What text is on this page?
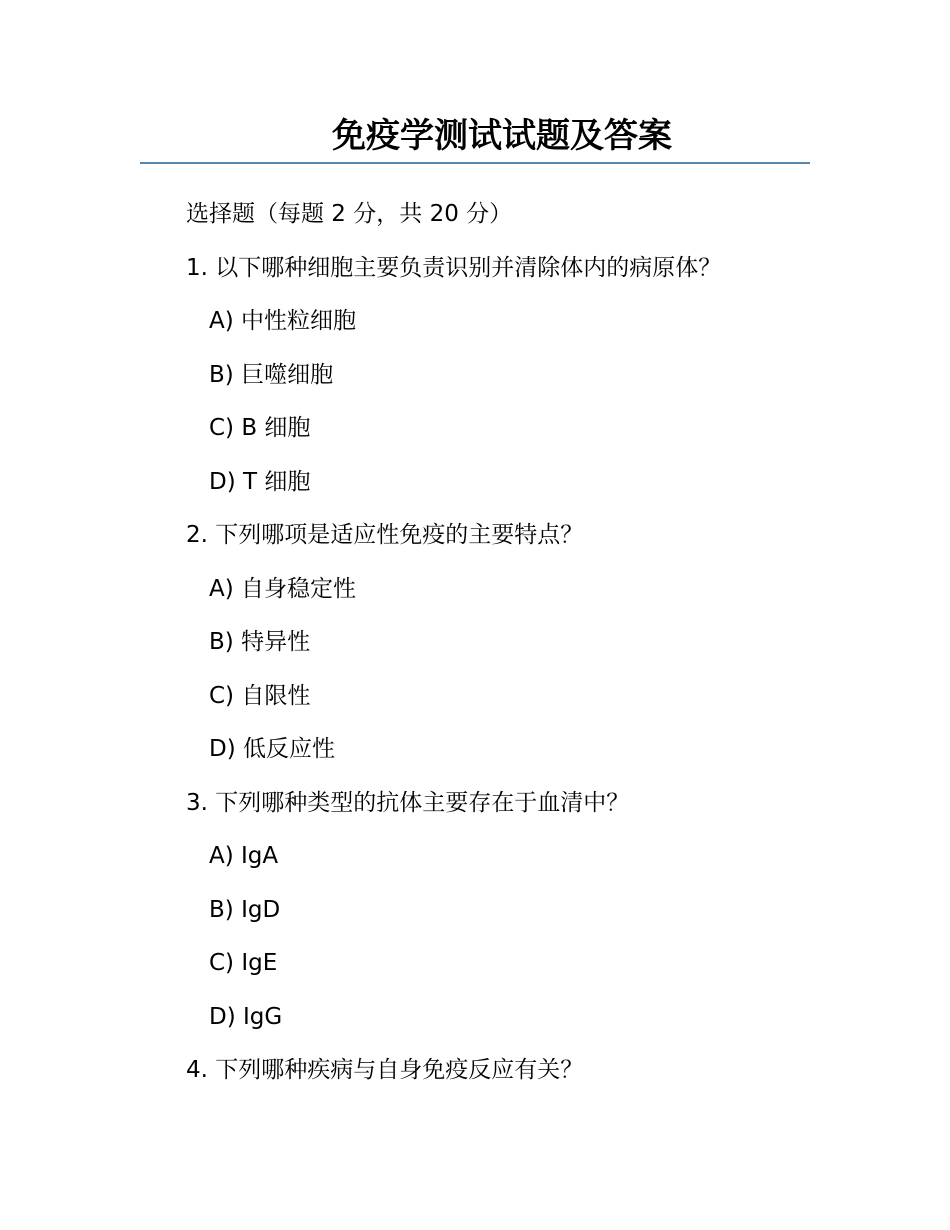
免疫学测试试题及答案
选择题（每题 2 分，共 20 分）
1. 以下哪种细胞主要负责识别并清除体内的病原体？
A) 中性粒细胞
B) 巨噬细胞
C) B 细胞
D) T 细胞
2. 下列哪项是适应性免疫的主要特点？
A) 自身稳定性
B) 特异性
C) 自限性
D) 低反应性
3. 下列哪种类型的抗体主要存在于血清中？
A) IgA
B) IgD
C) IgE
D) IgG
4. 下列哪种疾病与自身免疫反应有关？
